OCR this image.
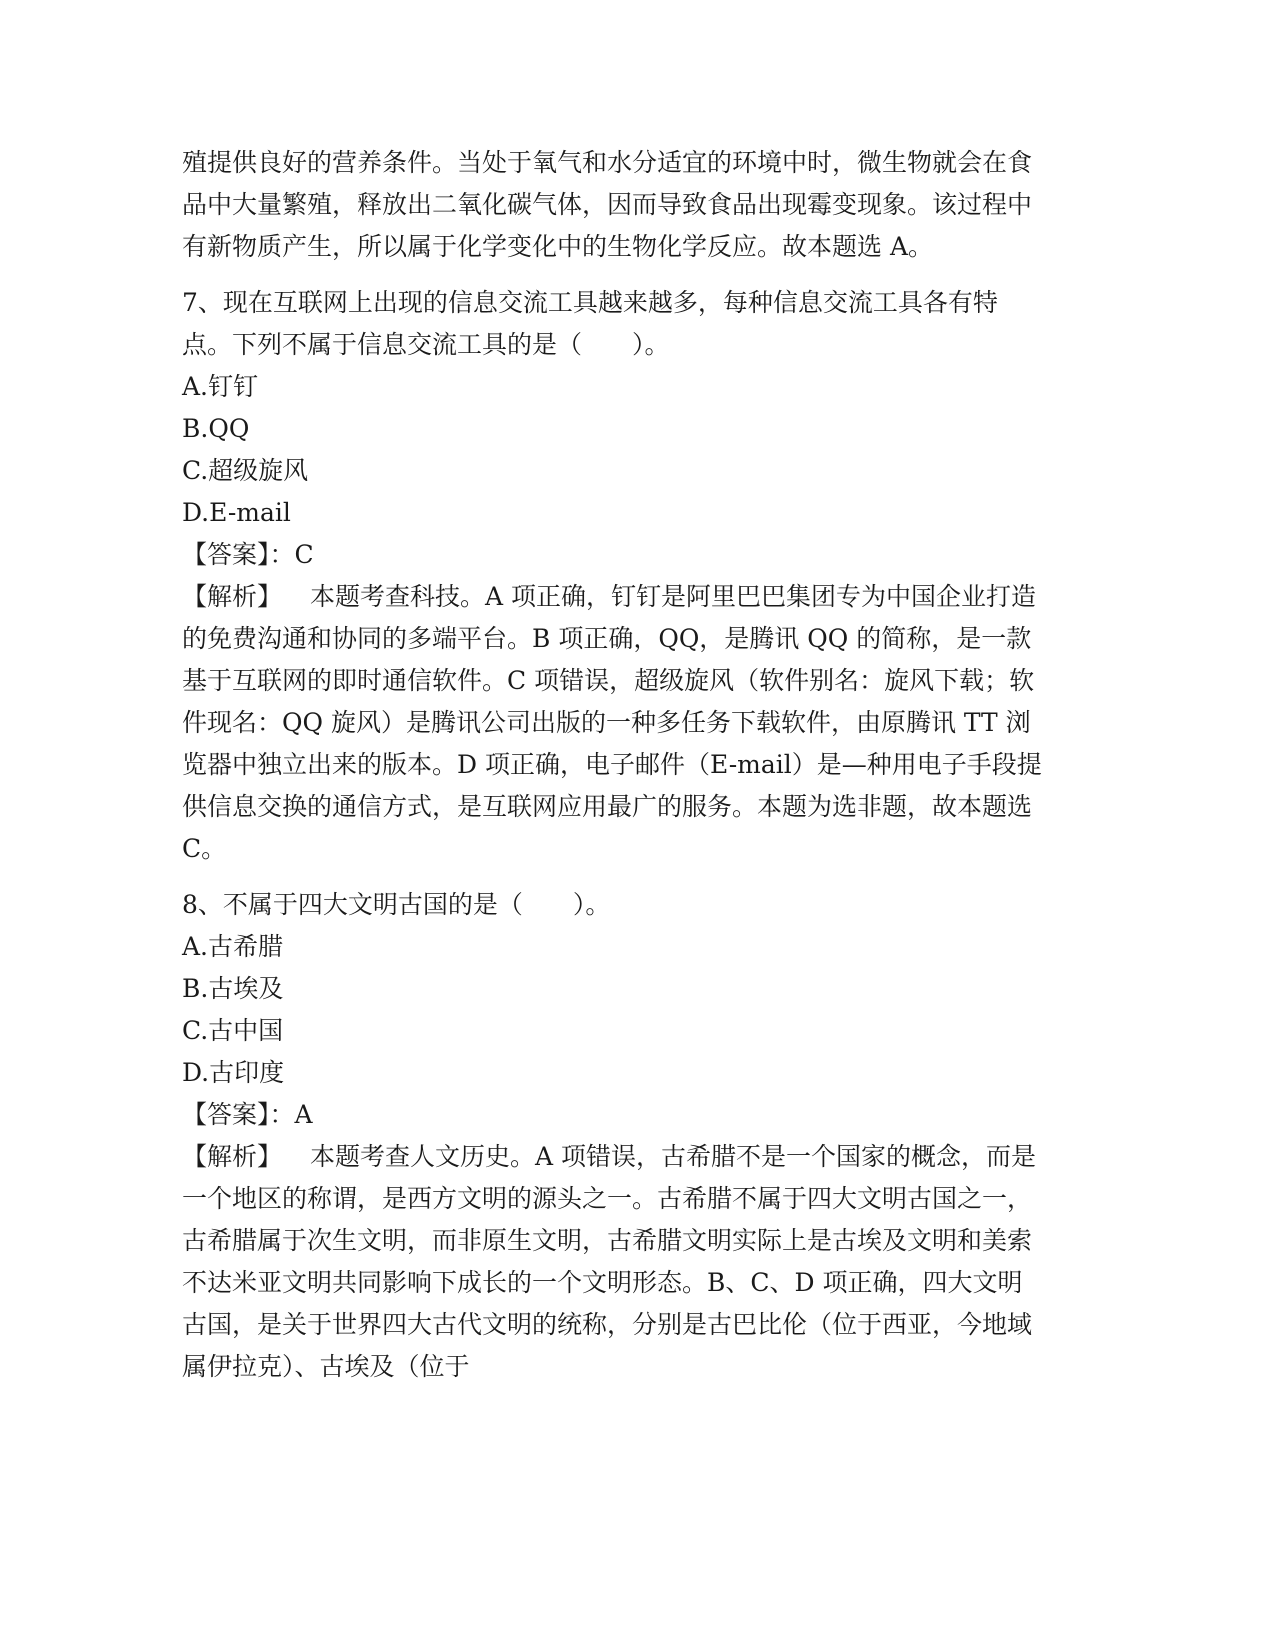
殖提供良好的营养条件。当处于氧气和水分适宜的环境中时，微生物就会在食品中大量繁殖，释放出二氧化碳气体，因而导致食品出现霉变现象。该过程中有新物质产生，所以属于化学变化中的生物化学反应。故本题选 A。

7、现在互联网上出现的信息交流工具越来越多，每种信息交流工具各有特点。下列不属于信息交流工具的是（　　）。

A.钉钉

B.QQ

C.超级旋风

D.E-mail

【答案】：C

【解析】 本题考查科技。A 项正确，钉钉是阿里巴巴集团专为中国企业打造的免费沟通和协同的多端平台。B 项正确，QQ，是腾讯 QQ 的简称，是一款基于互联网的即时通信软件。C 项错误，超级旋风（软件别名：旋风下载；软件现名：QQ 旋风）是腾讯公司出版的一种多任务下载软件，由原腾讯 TT 浏览器中独立出来的版本。D 项正确，电子邮件（E-mail）是—种用电子手段提供信息交换的通信方式，是互联网应用最广的服务。本题为选非题，故本题选 C。

8、不属于四大文明古国的是（　　）。

A.古希腊

B.古埃及

C.古中国

D.古印度

【答案】：A

【解析】 本题考查人文历史。A 项错误，古希腊不是一个国家的概念，而是一个地区的称谓，是西方文明的源头之一。古希腊不属于四大文明古国之一，古希腊属于次生文明，而非原生文明，古希腊文明实际上是古埃及文明和美索不达米亚文明共同影响下成长的一个文明形态。B、C、D 项正确，四大文明古国，是关于世界四大古代文明的统称，分别是古巴比伦（位于西亚，今地域属伊拉克）、古埃及（位于
